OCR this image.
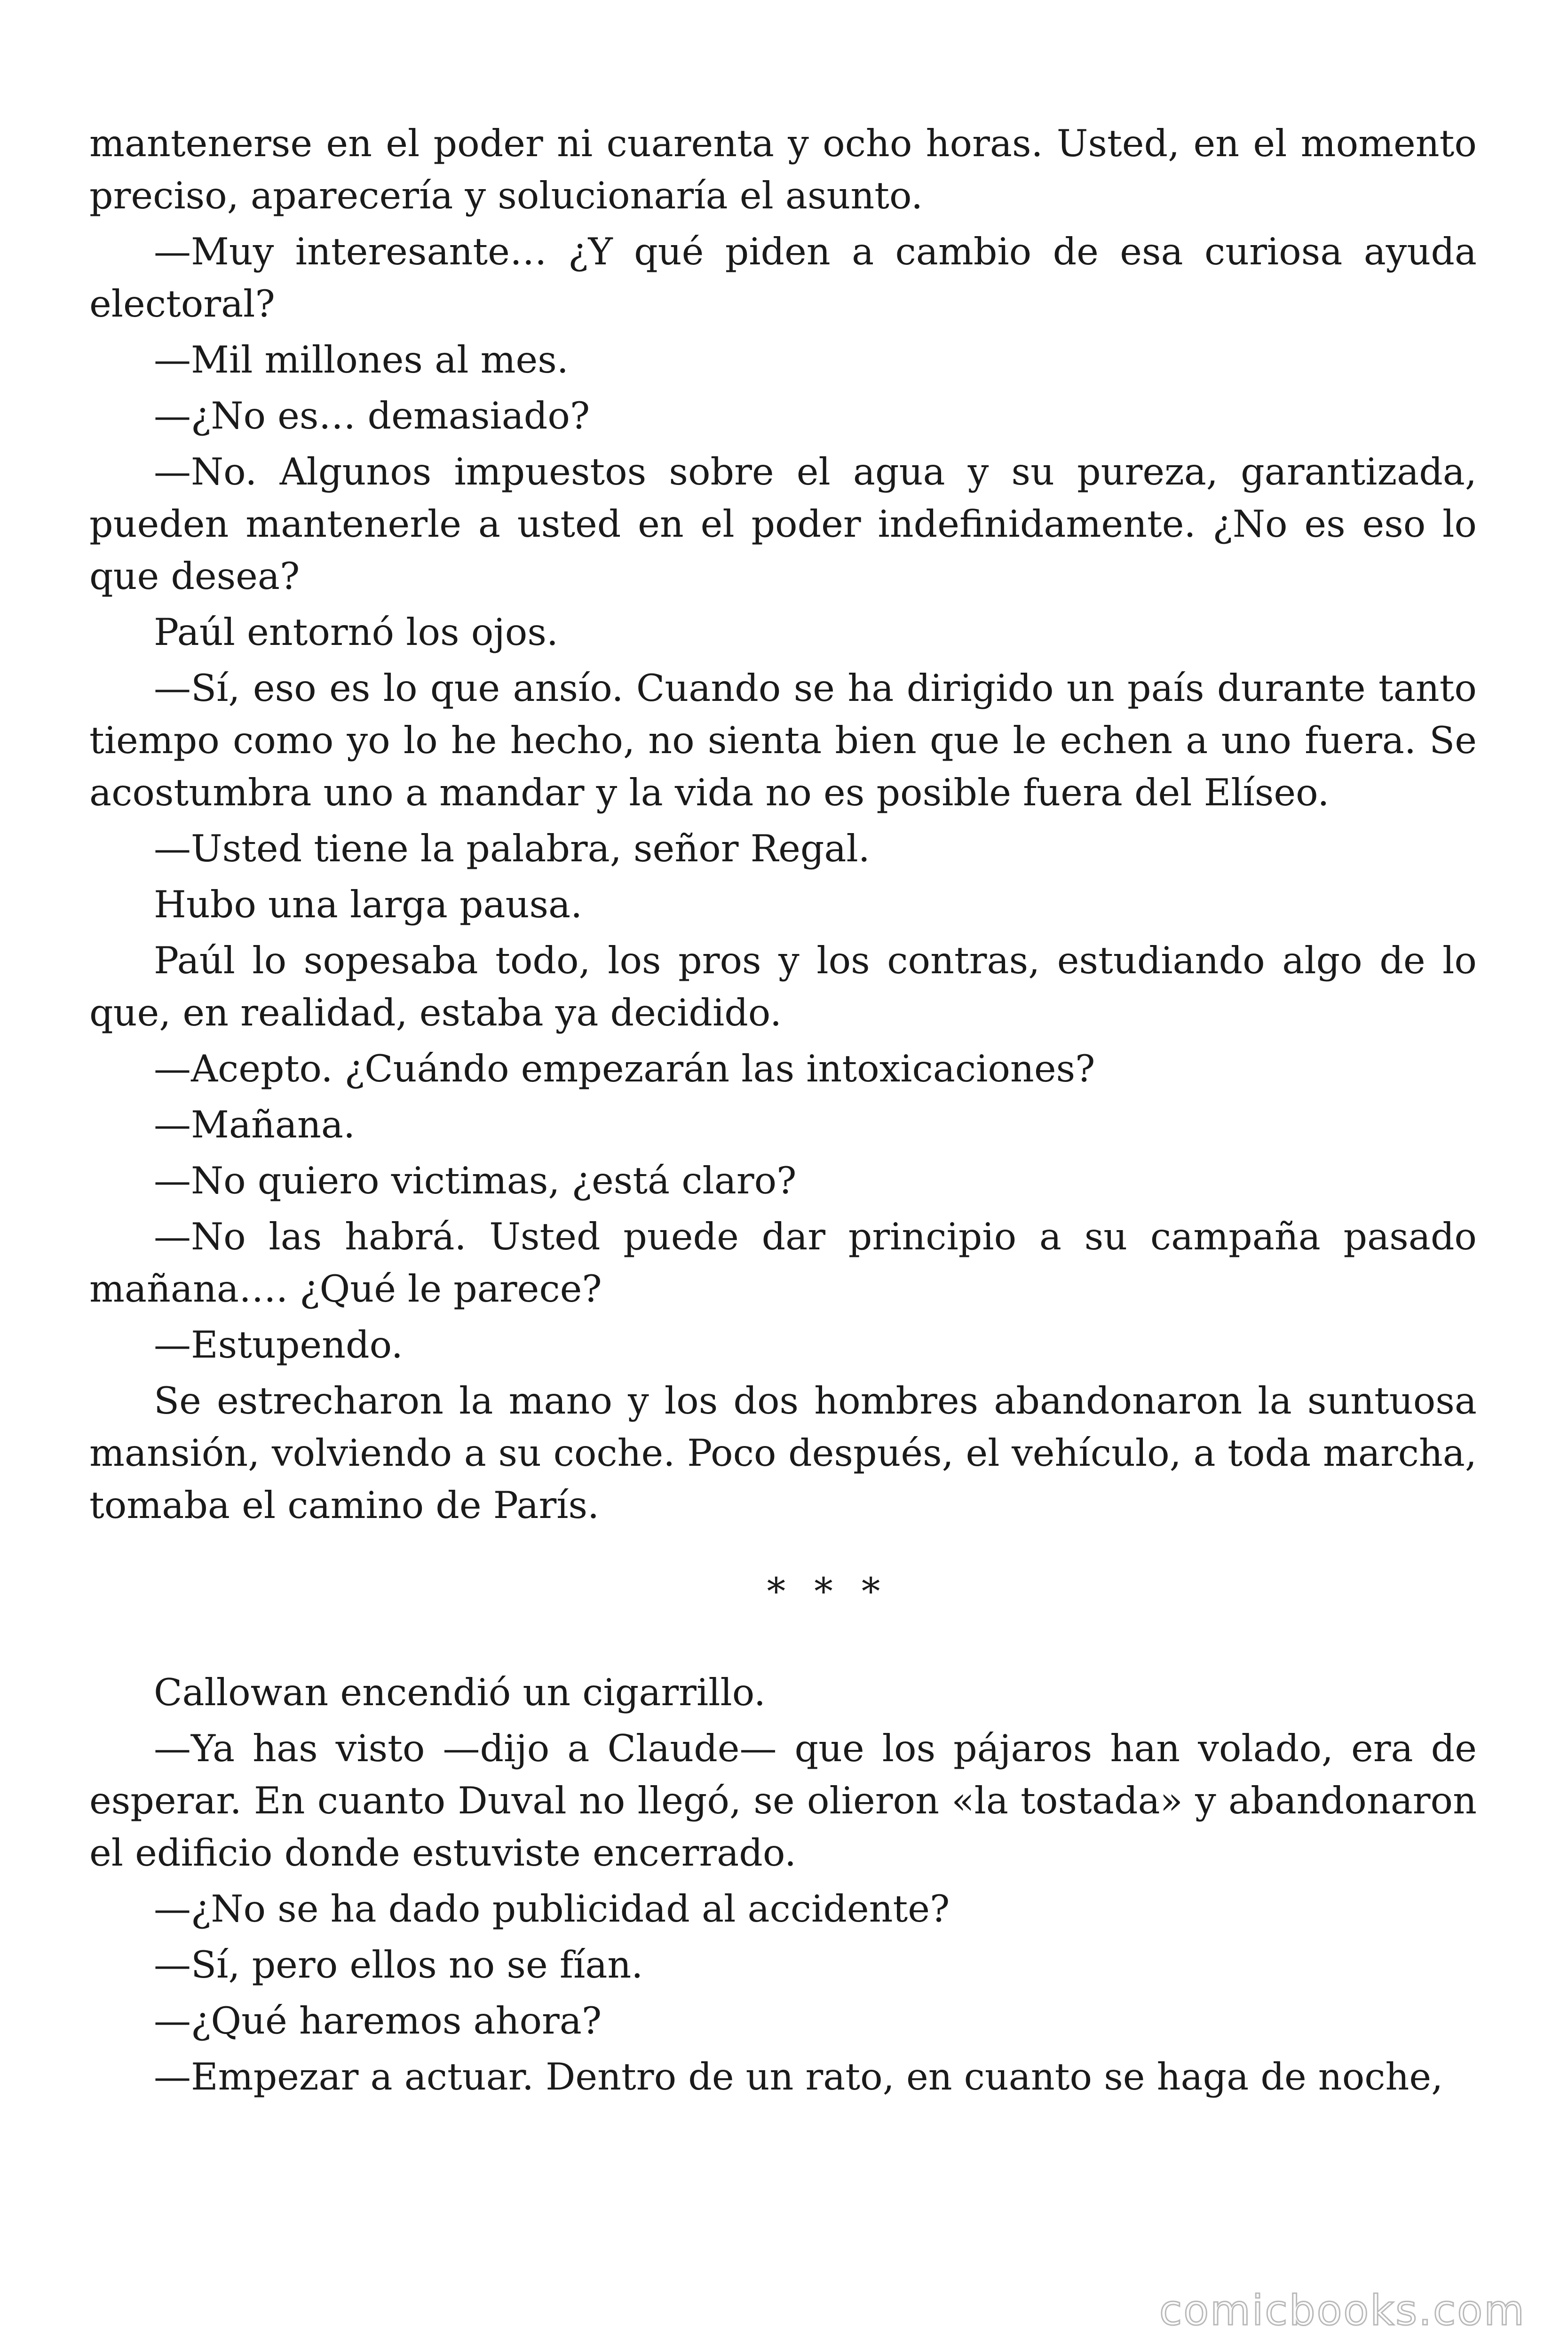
mantenerse en el poder ni cuarenta y ocho horas. Usted, en el momento preciso, aparecería y solucionaría el asunto.

—Muy interesante… ¿Y qué piden a cambio de esa curiosa ayuda electoral?

—Mil millones al mes.

—¿No es… demasiado?

—No. Algunos impuestos sobre el agua y su pureza, garantizada, pueden mantenerle a usted en el poder indefinidamente. ¿No es eso lo que desea?

Paúl entornó los ojos.

—Sí, eso es lo que ansío. Cuando se ha dirigido un país durante tanto tiempo como yo lo he hecho, no sienta bien que le echen a uno fuera. Se acostumbra uno a mandar y la vida no es posible fuera del Elíseo.

—Usted tiene la palabra, señor Regal.

Hubo una larga pausa.

Paúl lo sopesaba todo, los pros y los contras, estudiando algo de lo que, en realidad, estaba ya decidido.

—Acepto. ¿Cuándo empezarán las intoxicaciones?

—Mañana.

—No quiero victimas, ¿está claro?

—No las habrá. Usted puede dar principio a su campaña pasado mañana…. ¿Qué le parece?

—Estupendo.

Se estrecharon la mano y los dos hombres abandonaron la suntuosa mansión, volviendo a su coche. Poco después, el vehículo, a toda marcha, tomaba el camino de París.

* * *

Callowan encendió un cigarrillo.

—Ya has visto —dijo a Claude— que los pájaros han volado, era de esperar. En cuanto Duval no llegó, se olieron «la tostada» y abandonaron el edificio donde estuviste encerrado.

—¿No se ha dado publicidad al accidente?

—Sí, pero ellos no se fían.

—¿Qué haremos ahora?

—Empezar a actuar. Dentro de un rato, en cuanto se haga de noche,

comicbooks.com
